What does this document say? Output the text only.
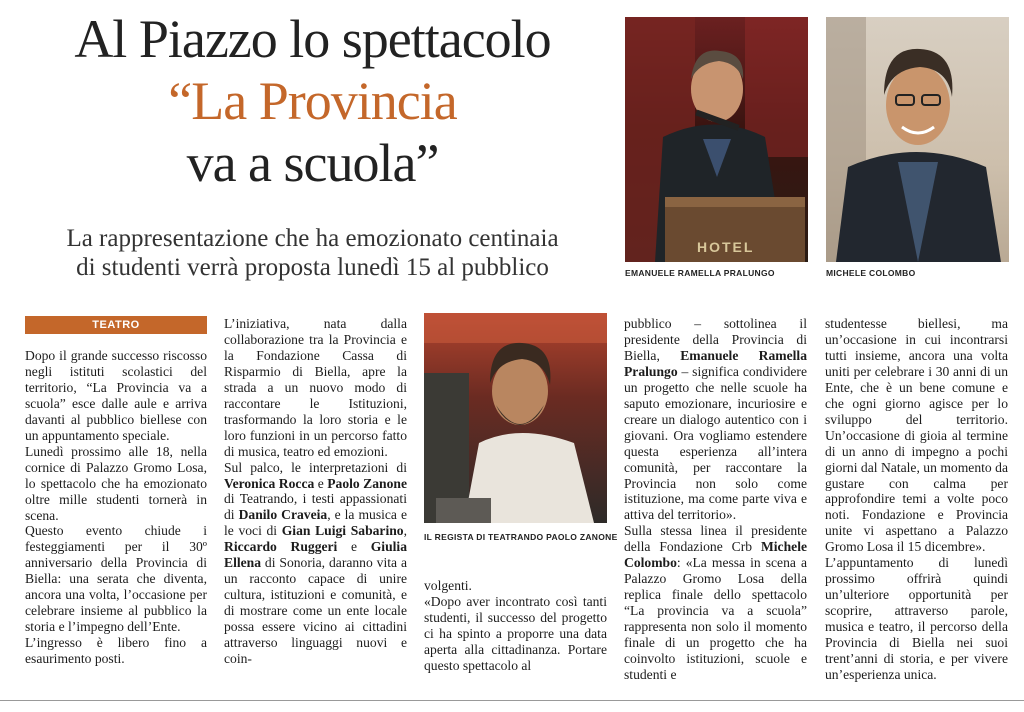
Al Piazzo lo spettacolo
“La Provincia
va a scuola”
La rappresentazione che ha emozionato centinaia
di studenti verrà proposta lunedì 15 al pubblico
HOTEL
EMANUELE RAMELLA PRALUNGO	MICHELE COLOMBO
IL REGISTA DI TEATRANDO PAOLO ZANONE
TEATRO

Dopo il grande successo riscosso negli istituti scolastici del territorio, “La Provincia va a scuola” esce dalle aule e arriva davanti al pubblico biellese con un appuntamento speciale.

Lunedì prossimo alle 18, nella cornice di Palazzo Gromo Losa, lo spettacolo che ha emozionato oltre mille studenti tornerà in scena.

Questo evento chiude i festeggiamenti per il 30º anniversario della Provincia di Biella: una serata che diventa, ancora una volta, l’occasione per celebrare insieme al pubblico la storia e l’impegno dell’Ente.

L’ingresso è libero fino a esaurimento posti.

L’iniziativa, nata dalla collaborazione tra la Provincia e la Fondazione Cassa di Risparmio di Biella, apre la strada a un nuovo modo di raccontare le Istituzioni, trasformando la loro storia e le loro funzioni in un percorso fatto di musica, teatro ed emozioni.

Sul palco, le interpretazioni di Veronica Rocca e Paolo Zanone di Teatrando, i testi appassionati di Danilo Craveia, e la musica e le voci di Gian Luigi Sabarino, Riccardo Ruggeri e Giulia Ellena di Sonoria, daranno vita a un racconto capace di unire cultura, istituzioni e comunità, e di mostrare come un ente locale possa essere vicino ai cittadini attraverso linguaggi nuovi e coin-

volgenti.

«Dopo aver incontrato così tanti studenti, il successo del progetto ci ha spinto a proporre una data aperta alla cittadinanza. Portare questo spettacolo al

pubblico – sottolinea il presidente della Provincia di Biella, Emanuele Ramella Pralungo – significa condividere un progetto che nelle scuole ha saputo emozionare, incuriosire e creare un dialogo autentico con i giovani. Ora vogliamo estendere questa esperienza all’intera comunità, per raccontare la Provincia non solo come istituzione, ma come parte viva e attiva del territorio».

Sulla stessa linea il presidente della Fondazione Crb Michele Colombo: «La messa in scena a Palazzo Gromo Losa della replica finale dello spettacolo “La provincia va a scuola” rappresenta non solo il momento finale di un progetto che ha coinvolto istituzioni, scuole e studenti e

studentesse biellesi, ma un’occasione in cui incontrarsi tutti insieme, ancora una volta uniti per celebrare i 30 anni di un Ente, che è un bene comune e che ogni giorno agisce per lo sviluppo del territorio. Un’occasione di gioia al termine di un anno di impegno a pochi giorni dal Natale, un momento da gustare con calma per approfondire temi a volte poco noti. Fondazione e Provincia unite vi aspettano a Palazzo Gromo Losa il 15 dicembre».

L’appuntamento di lunedì prossimo offrirà quindi un’ulteriore opportunità per scoprire, attraverso parole, musica e teatro, il percorso della Provincia di Biella nei suoi trent’anni di storia, e per vivere un’esperienza unica.
